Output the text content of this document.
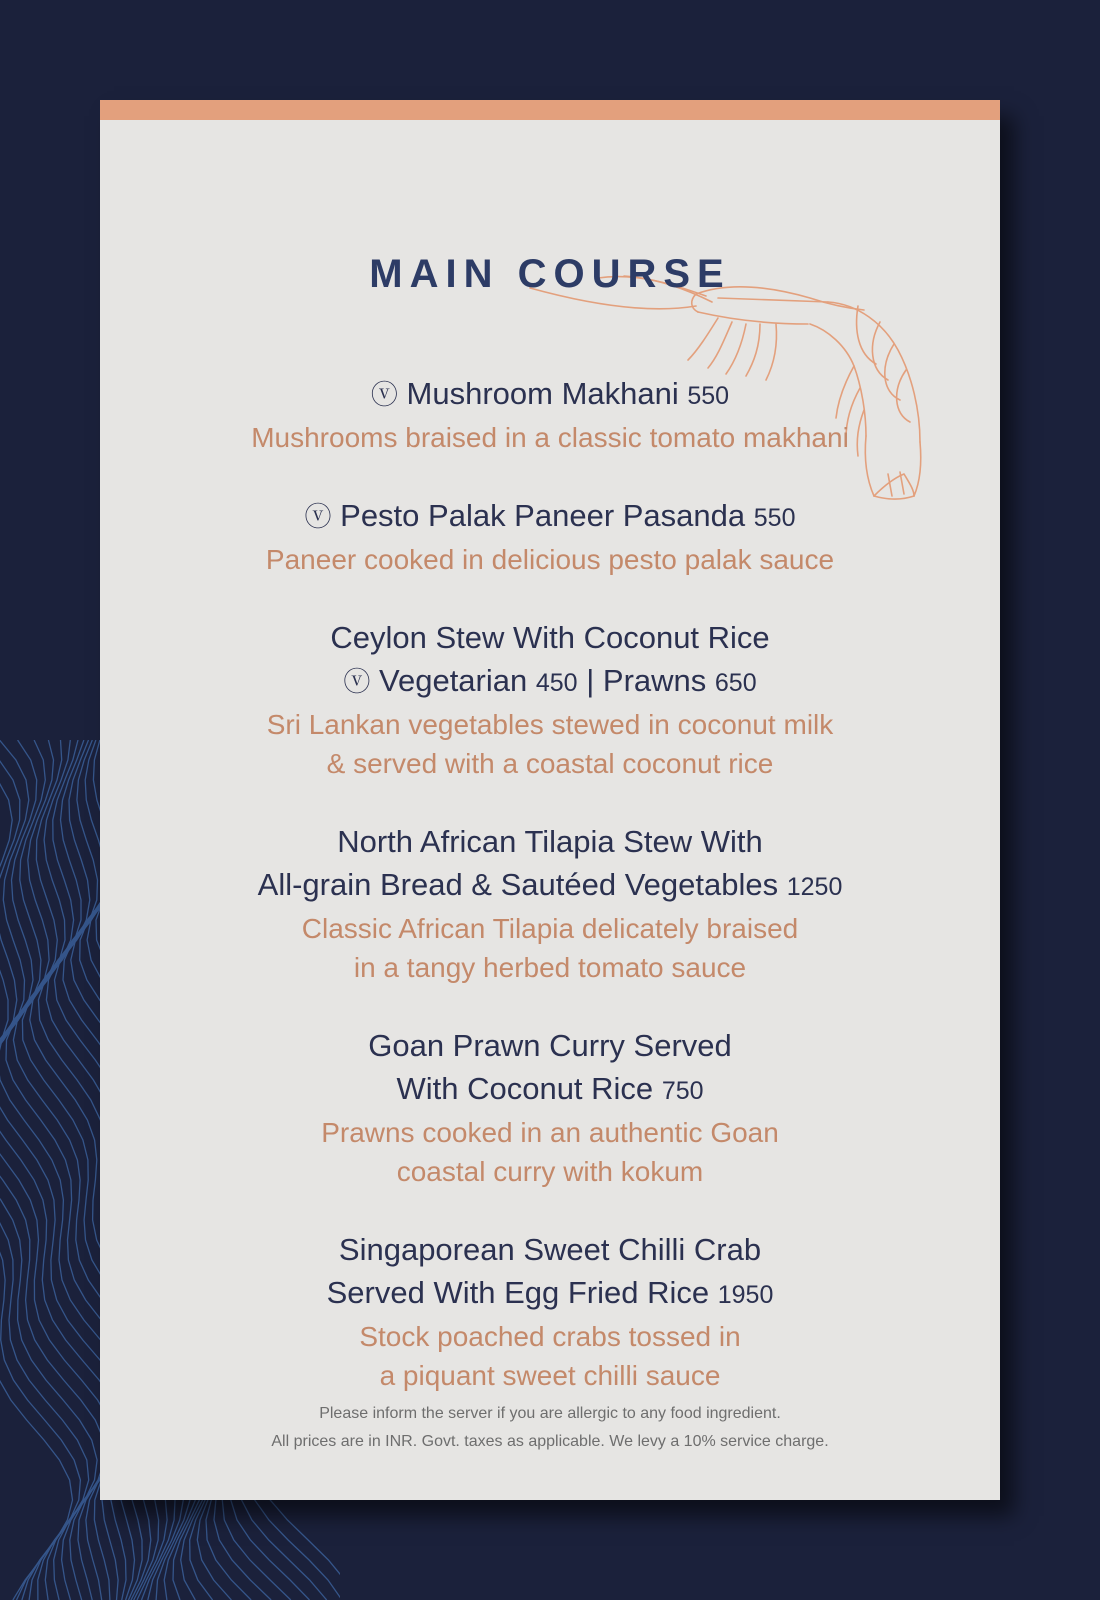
MAIN COURSE
ⓥ Mushroom Makhani 550
Mushrooms braised in a classic tomato makhani
ⓥ Pesto Palak Paneer Pasanda 550
Paneer cooked in delicious pesto palak sauce
Ceylon Stew With Coconut Rice
ⓥ Vegetarian 450 | Prawns 650
Sri Lankan vegetables stewed in coconut milk
& served with a coastal coconut rice
North African Tilapia Stew With
All-grain Bread & Sautéed Vegetables 1250
Classic African Tilapia delicately braised
in a tangy herbed tomato sauce
Goan Prawn Curry Served
With Coconut Rice 750
Prawns cooked in an authentic Goan
coastal curry with kokum
Singaporean Sweet Chilli Crab
Served With Egg Fried Rice 1950
Stock poached crabs tossed in
a piquant sweet chilli sauce
Please inform the server if you are allergic to any food ingredient.
All prices are in INR. Govt. taxes as applicable. We levy a 10% service charge.
